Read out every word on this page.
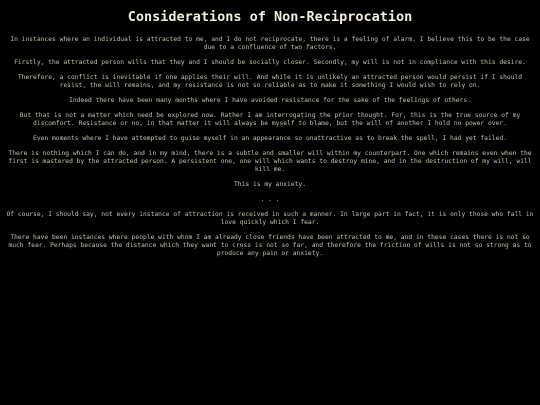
Considerations of Non-Reciprocation

In instances where an individual is attracted to me, and I do not reciprocate, there is a feeling of alarm. I believe this to be the case due to a confluence of two factors.

Firstly, the attracted person wills that they and I should be socially closer. Secondly, my will is not in compliance with this desire.

Therefore, a conflict is inevitable if one applies their will. And while it is unlikely an attracted person would persist if I should resist, the will remains, and my resistance is not so reliable as to make it something I would wish to rely on.

Indeed there have been many months where I have avoided resistance for the sake of the feelings of others.

But that is not a matter which need be explored now. Rather I am interrogating the prior thought. For, this is the true source of my discomfort. Resistance or no, in that matter it will always be myself to blame, but the will of another I hold no power over.

Even moments where I have attempted to guise myself in an appearance so unattractive as to break the spell, I had yet failed.

There is nothing which I can do, and in my mind, there is a subtle and smaller will within my counterpart. One which remains even when the first is mastered by the attracted person. A persistent one, one will which wants to destroy mine, and in the destruction of my will, will kill me.

This is my anxiety.

. . .

Of course, I should say, not every instance of attraction is received in such a manner. In large part in fact, it is only those who fall in love quickly which I fear.

There have been instances where people with whom I am already close friends have been attracted to me, and in these cases there is not so much fear. Perhaps because the distance which they want to cross is not so far, and therefore the friction of wills is not so strong as to produce any pain or anxiety.
